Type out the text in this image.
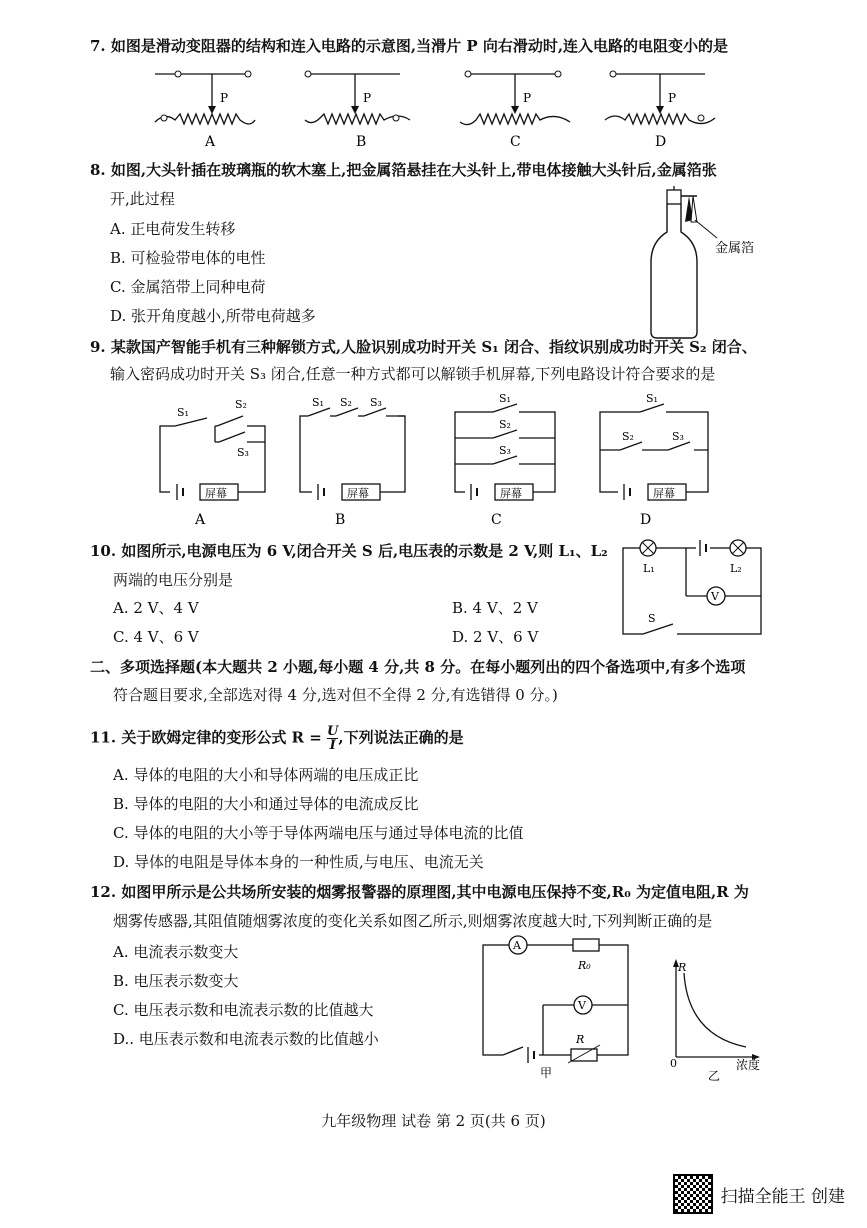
7. 如图是滑动变阻器的结构和连入电路的示意图,当滑片 P 向右滑动时,连入电路的电阻变小的是
P
A
P
B
P
C
P
D
8. 如图,大头针插在玻璃瓶的软木塞上,把金属箔悬挂在大头针上,带电体接触大头针后,金属箔张
开,此过程
A. 正电荷发生转移
B. 可检验带电体的电性
C. 金属箔带上同种电荷
D. 张开角度越小,所带电荷越多
金属箔
9. 某款国产智能手机有三种解锁方式,人脸识别成功时开关 S₁ 闭合、指纹识别成功时开关 S₂ 闭合、
输入密码成功时开关 S₃ 闭合,任意一种方式都可以解锁手机屏幕,下列电路设计符合要求的是
S₁
S₂
S₃
屏幕
A
S₁ S₂ S₃
屏幕
B
S₁
S₂
S₃
屏幕
C
S₁
S₂	S₃
屏幕
D
10. 如图所示,电源电压为 6 V,闭合开关 S 后,电压表的示数是 2 V,则 L₁、L₂
两端的电压分别是
A. 2 V、4 V	B. 4 V、2 V
C. 4 V、6 V	D. 2 V、6 V
V
L₁	L₂
S
二、多项选择题(本大题共 2 小题,每小题 4 分,共 8 分。在每小题列出的四个备选项中,有多个选项
符合题目要求,全部选对得 4 分,选对但不全得 2 分,有选错得 0 分。)
11. 关于欧姆定律的变形公式 $R = \frac{U}{I}$ ,下列说法正确的是
A. 导体的电阻的大小和导体两端的电压成正比
B. 导体的电阻的大小和通过导体的电流成反比
C. 导体的电阻的大小等于导体两端电压与通过导体电流的比值
D. 导体的电阻是导体本身的一种性质,与电压、电流无关
12. 如图甲所示是公共场所安装的烟雾报警器的原理图,其中电源电压保持不变,R₀ 为定值电阻,R 为
烟雾传感器,其阻值随烟雾浓度的变化关系如图乙所示,则烟雾浓度越大时,下列判断正确的是
A. 电流表示数变大
B. 电压表示数变大
C. 电压表示数和电流表示数的比值越大
D.. 电压表示数和电流表示数的比值越小
A
R₀
V
R
甲
R
0	浓度
乙
九年级物理 试卷 第 2 页(共 6 页)
扫描全能王 创建
